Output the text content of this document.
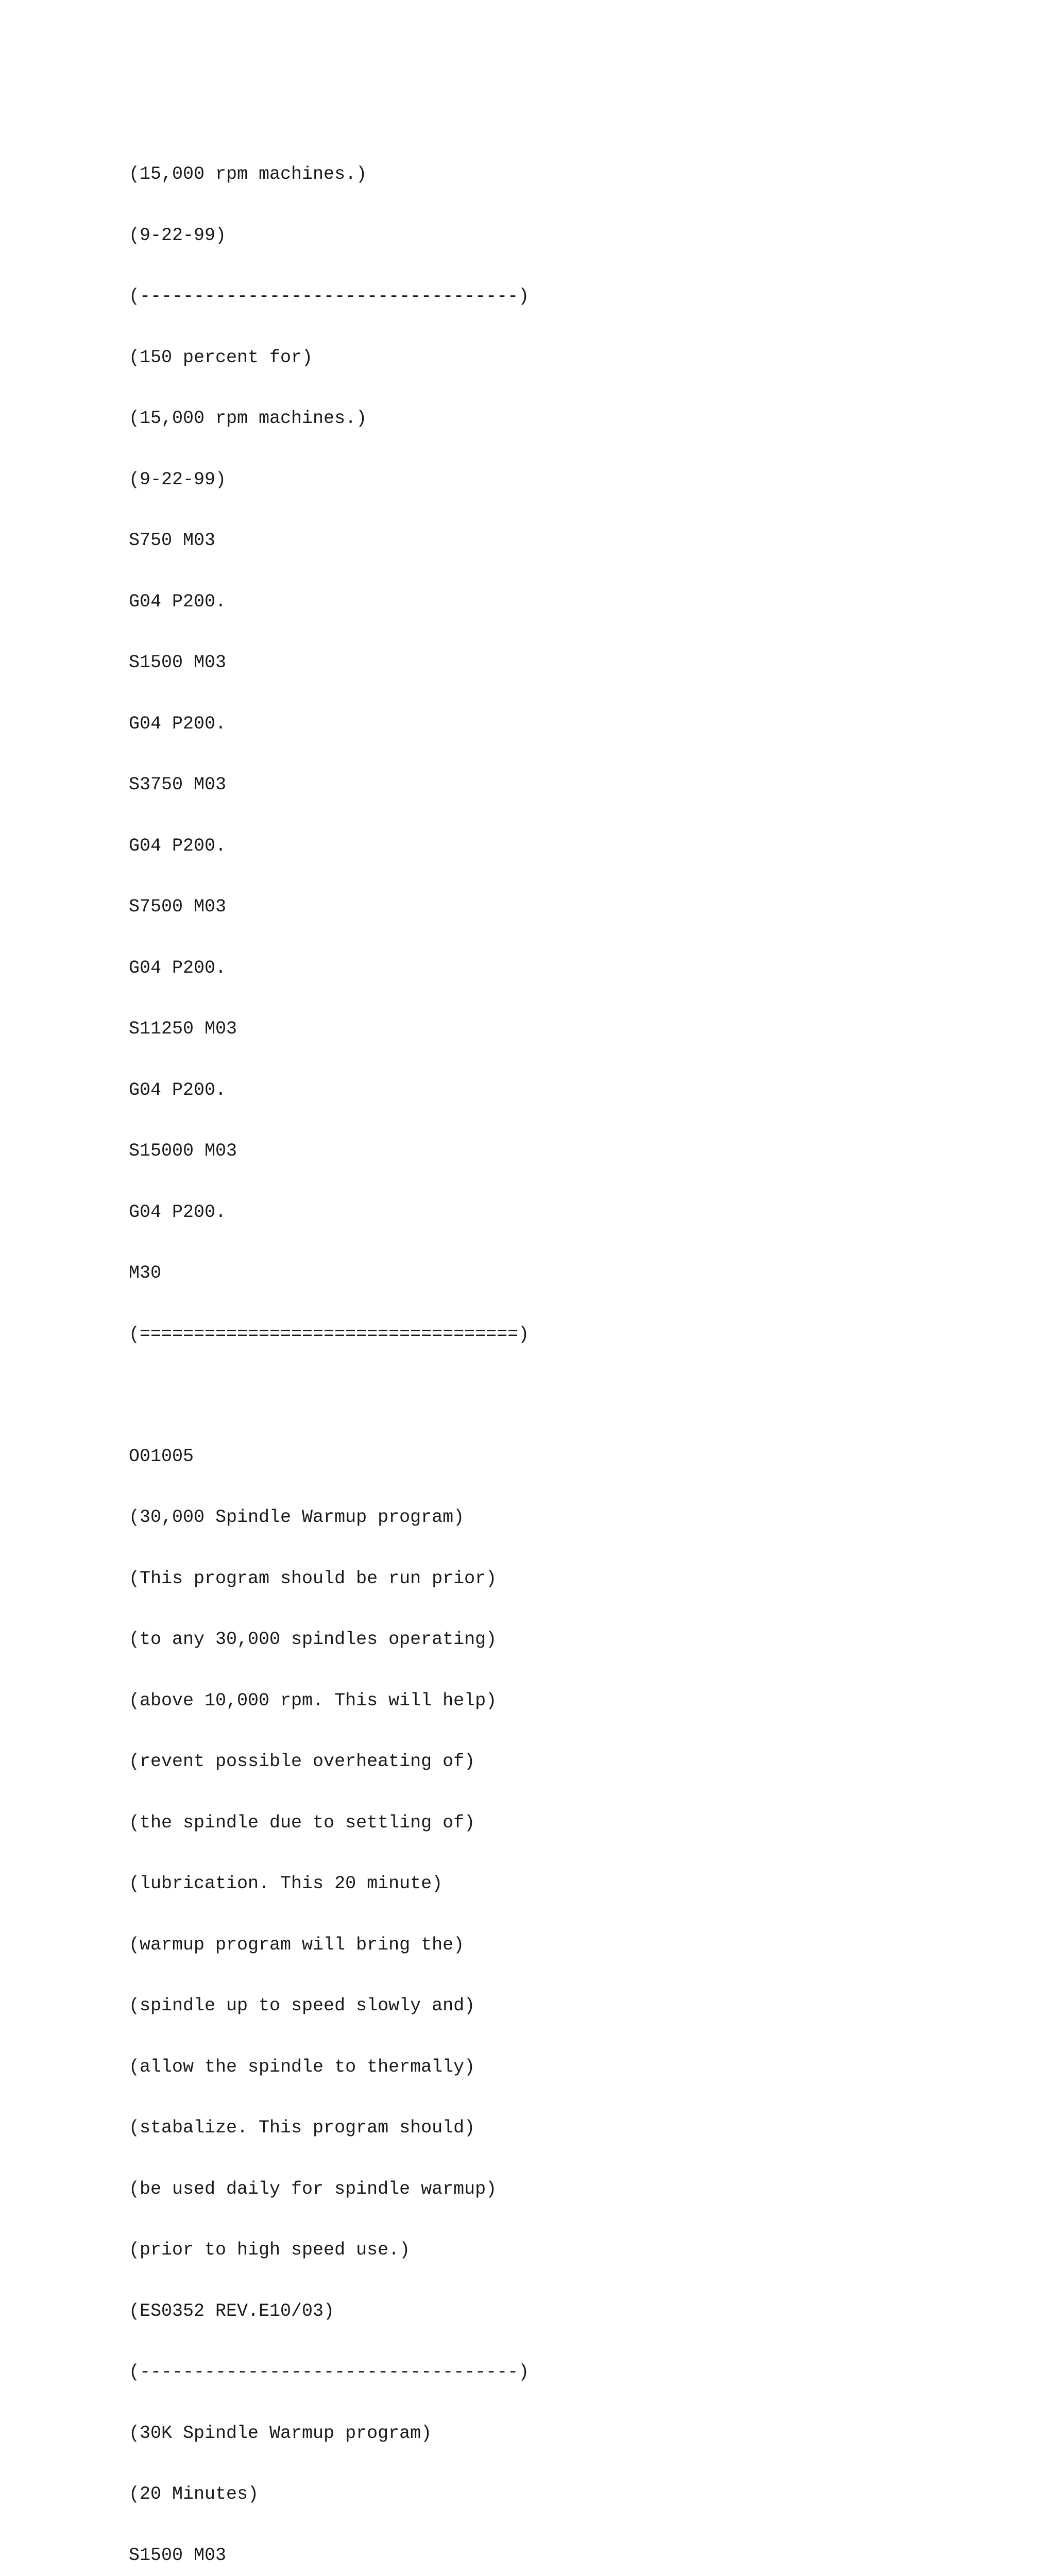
(15,000 rpm machines.)

(9-22-99)

(-----------------------------------)

(150 percent for)

(15,000 rpm machines.)

(9-22-99)

S750 M03

G04 P200.

S1500 M03

G04 P200.

S3750 M03

G04 P200.

S7500 M03

G04 P200.

S11250 M03

G04 P200.

S15000 M03

G04 P200.

M30

(===================================)

O01005

(30,000 Spindle Warmup program)

(This program should be run prior)

(to any 30,000 spindles operating)

(above 10,000 rpm. This will help)

(revent possible overheating of)

(the spindle due to settling of)

(lubrication. This 20 minute)

(warmup program will bring the)

(spindle up to speed slowly and)

(allow the spindle to thermally)

(stabalize. This program should)

(be used daily for spindle warmup)

(prior to high speed use.)

(ES0352 REV.E10/03)

(-----------------------------------)

(30K Spindle Warmup program)

(20 Minutes)

S1500 M03
